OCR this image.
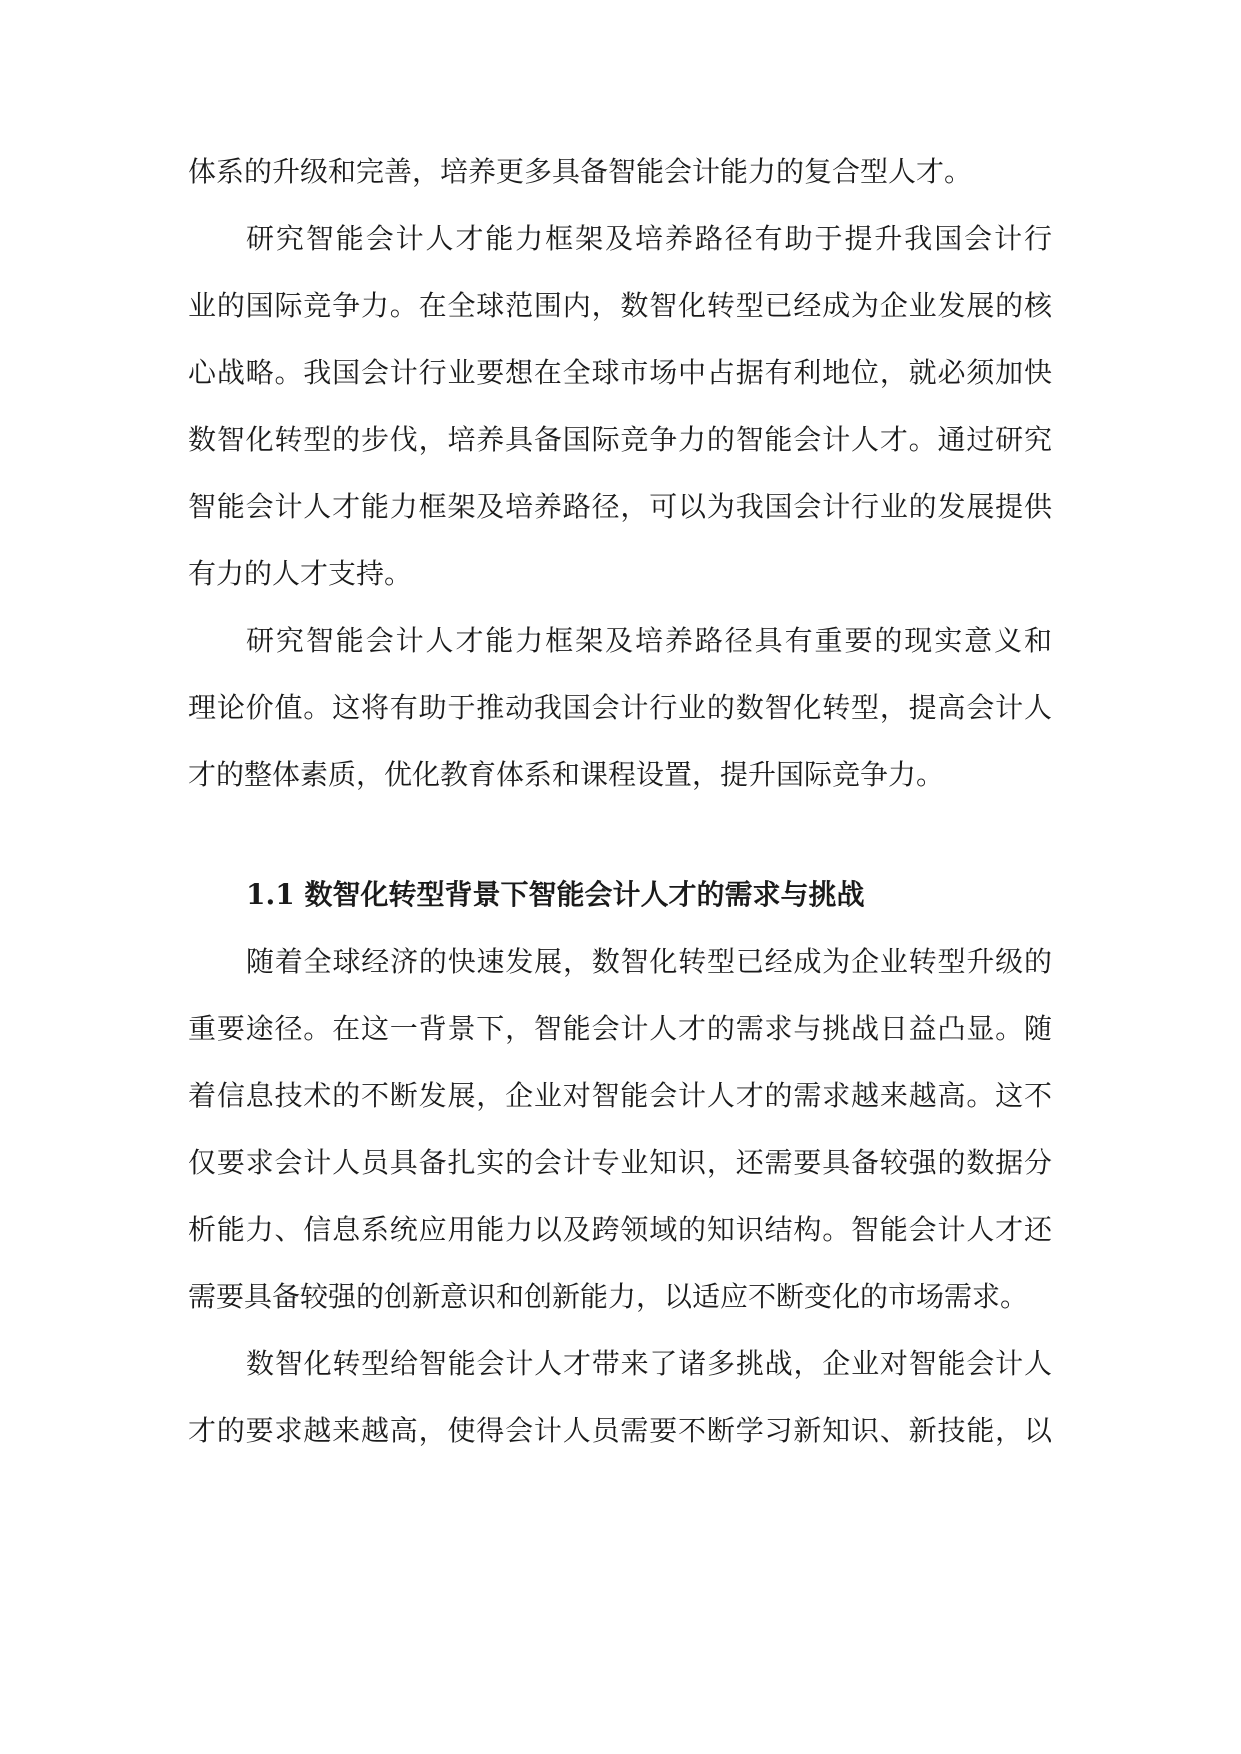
体系的升级和完善，培养更多具备智能会计能力的复合型人才。

研究智能会计人才能力框架及培养路径有助于提升我国会计行
业的国际竞争力。在全球范围内，数智化转型已经成为企业发展的核
心战略。我国会计行业要想在全球市场中占据有利地位，就必须加快
数智化转型的步伐，培养具备国际竞争力的智能会计人才。通过研究
智能会计人才能力框架及培养路径，可以为我国会计行业的发展提供
有力的人才支持。

研究智能会计人才能力框架及培养路径具有重要的现实意义和
理论价值。这将有助于推动我国会计行业的数智化转型，提高会计人
才的整体素质，优化教育体系和课程设置，提升国际竞争力。

1.1 数智化转型背景下智能会计人才的需求与挑战

随着全球经济的快速发展，数智化转型已经成为企业转型升级的
重要途径。在这一背景下，智能会计人才的需求与挑战日益凸显。随
着信息技术的不断发展，企业对智能会计人才的需求越来越高。这不
仅要求会计人员具备扎实的会计专业知识，还需要具备较强的数据分
析能力、信息系统应用能力以及跨领域的知识结构。智能会计人才还
需要具备较强的创新意识和创新能力，以适应不断变化的市场需求。

数智化转型给智能会计人才带来了诸多挑战，企业对智能会计人
才的要求越来越高，使得会计人员需要不断学习新知识、新技能，以
